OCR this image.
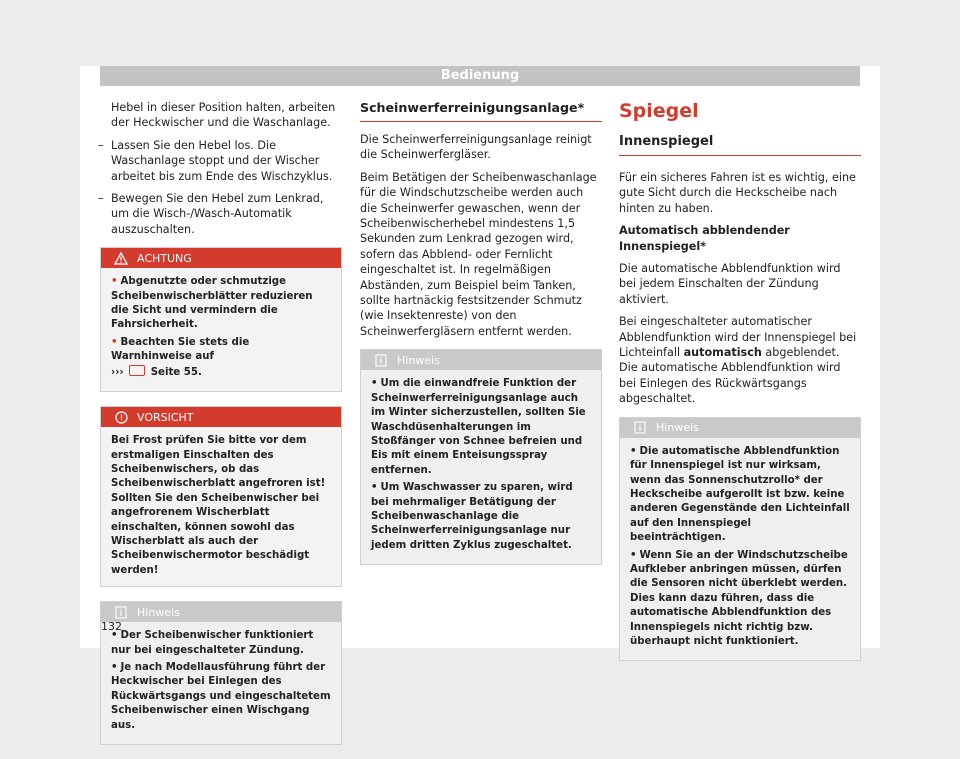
Bedienung

Hebel in dieser Position halten, arbeiten der Heckwischer und die Waschanlage.

– Lassen Sie den Hebel los. Die Waschanlage stoppt und der Wischer arbeitet bis zum Ende des Wischzyklus.
– Bewegen Sie den Hebel zum Lenkrad, um die Wisch-/Wasch-Automatik auszuschalten.
ACHTUNG
• Abgenutzte oder schmutzige Scheibenwischerblätter reduzieren die Sicht und vermindern die Fahrsicherheit.
• Beachten Sie stets die Warnhinweise auf
›››	Seite 55.
VORSICHT

Bei Frost prüfen Sie bitte vor dem erstmaligen Einschalten des Scheibenwischers, ob das Scheibenwischerblatt angefroren ist! Sollten Sie den Scheibenwischer bei angefrorenem Wischerblatt einschalten, können sowohl das Wischerblatt als auch der Scheibenwischermotor beschädigt werden!

Hinweis
• Der Scheibenwischer funktioniert nur bei eingeschalteter Zündung.
• Je nach Modellausführung führt der Heckwischer bei Einlegen des Rückwärtsgangs und eingeschaltetem Scheibenwischer einen Wischgang aus.
Scheinwerferreinigungsanlage*

Die Scheinwerferreinigungsanlage reinigt die Scheinwerfergläser.

Beim Betätigen der Scheibenwaschanlage für die Windschutzscheibe werden auch die Scheinwerfer gewaschen, wenn der Scheibenwischerhebel mindestens 1,5 Sekunden zum Lenkrad gezogen wird, sofern das Abblend- oder Fernlicht eingeschaltet ist. In regelmäßigen Abständen, zum Beispiel beim Tanken, sollte hartnäckig festsitzender Schmutz (wie Insektenreste) von den Scheinwerfergläsern entfernt werden.

Hinweis
• Um die einwandfreie Funktion der Scheinwerferreinigungsanlage auch im Winter sicherzustellen, sollten Sie Waschdüsenhalterungen im Stoßfänger von Schnee befreien und Eis mit einem Enteisungsspray entfernen.
• Um Waschwasser zu sparen, wird bei mehrmaliger Betätigung der Scheibenwaschanlage die Scheinwerferreinigungsanlage nur jedem dritten Zyklus zugeschaltet.
Spiegel
Innenspiegel

Für ein sicheres Fahren ist es wichtig, eine gute Sicht durch die Heckscheibe nach hinten zu haben.

Automatisch abblendender Innenspiegel*

Die automatische Abblendfunktion wird bei jedem Einschalten der Zündung aktiviert.

Bei eingeschalteter automatischer Abblendfunktion wird der Innenspiegel bei Lichteinfall automatisch abgeblendet. Die automatische Abblendfunktion wird bei Einlegen des Rückwärtsgangs abgeschaltet.

Hinweis
• Die automatische Abblendfunktion für Innenspiegel ist nur wirksam, wenn das Sonnenschutzrollo* der Heckscheibe aufgerollt ist bzw. keine anderen Gegenstände den Lichteinfall auf den Innenspiegel beeinträchtigen.
• Wenn Sie an der Windschutzscheibe Aufkleber anbringen müssen, dürfen die Sensoren nicht überklebt werden. Dies kann dazu führen, dass die automatische Abblendfunktion des Innenspiegels nicht richtig bzw. überhaupt nicht funktioniert.
132
